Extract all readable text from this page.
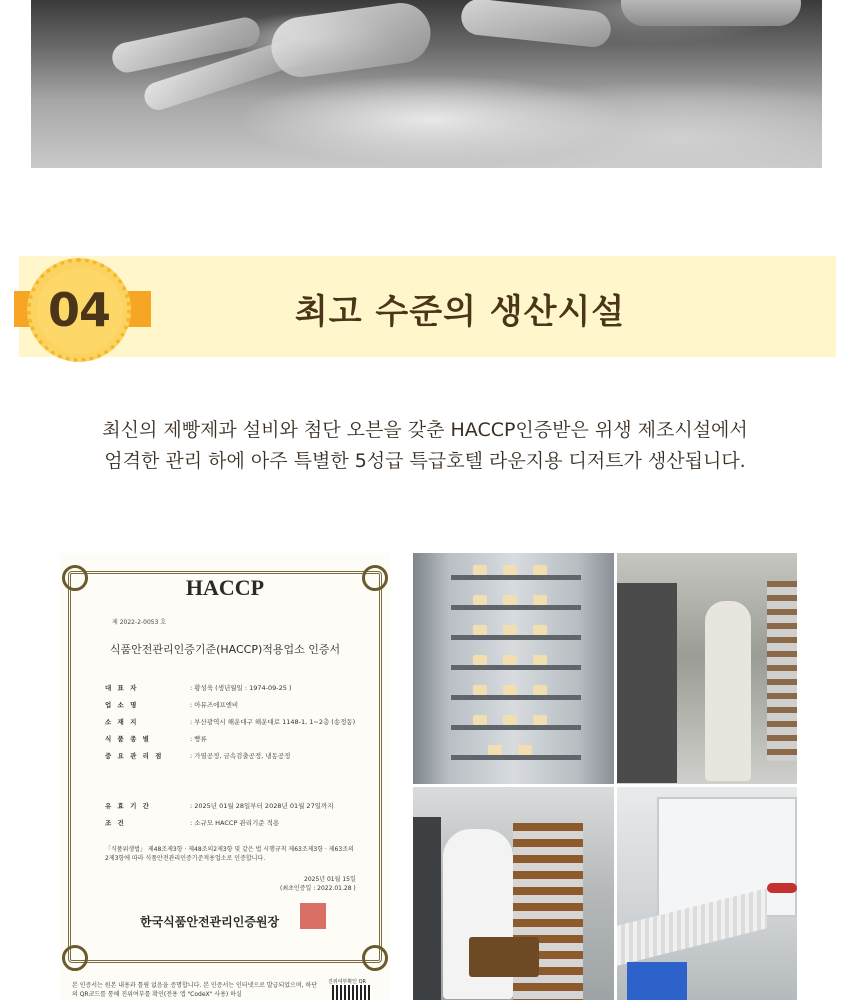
04	최고 수준의 생산시설
최신의 제빵제과 설비와 첨단 오븐을 갖춘 HACCP인증받은 위생 제조시설에서
엄격한 관리 하에 아주 특별한 5성급 특급호텔 라운지용 디저트가 생산됩니다.
HACCP
제 2022-2-0053 호
식품안전관리인증기준(HACCP)적용업소 인증서
대 표 자	: 황성욱 (생년월일 : 1974-09-25 )
업 소 명	: 아뮤즈에프엔비
소 재 지	: 부산광역시 해운대구 해운대로 1148-1, 1~2층 (송정동)
식 품 종 별	: 빵류
중 요 관 리 점	: 가열공정, 금속검출공정, 냉동공정
유 효 기 간	: 2025년 01월 28일부터 2028년 01월 27일까지
조 건	: 소규모 HACCP 관리기준 적용
「식품위생법」 제48조제3항 · 제48조의2제3항 및 같은 법 시행규칙 제63조제3항 · 제63조의2제3항에 따라 식품안전관리인증기준적용업소로 인증합니다.
2025년 01월 15일
(최초인증일 : 2022.01.28 )
한국식품안전관리인증원장
본 인증서는 원본 내용과 틀림 없음을 증명합니다. 본 인증서는 인터넷으로 발급되었으며, 하단의 QR코드를 통해 진위여부를 확인(전용 앱 "CodeX" 사용) 하실
진위여부확인 QR
